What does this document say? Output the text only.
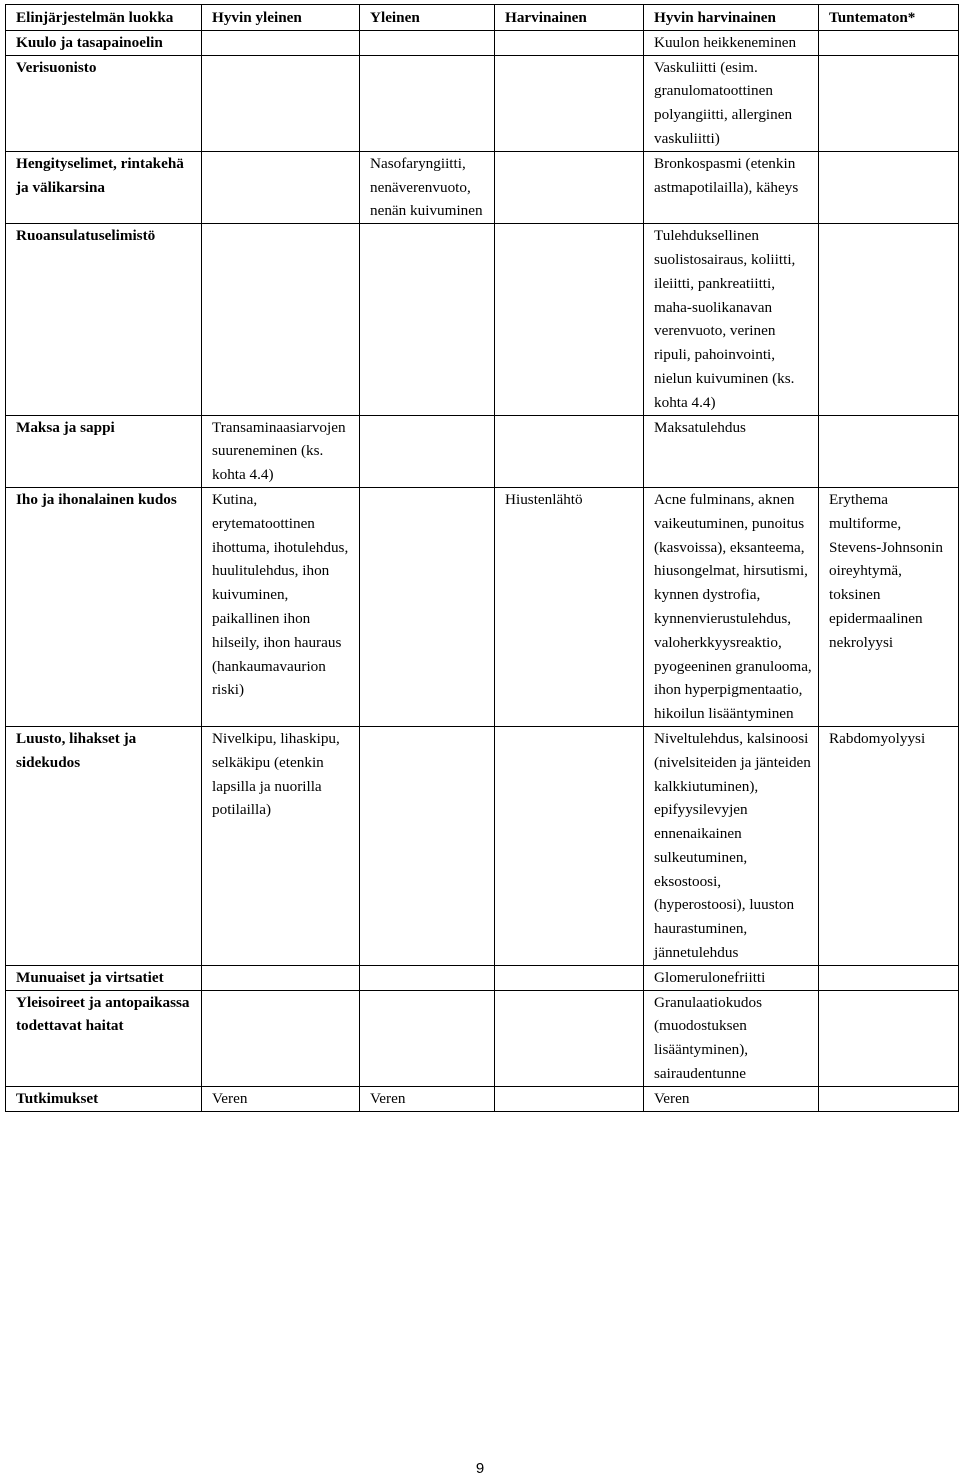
Elinjärjestelmän luokka	Hyvin yleinen	Yleinen	Harvinainen	Hyvin harvinainen	Tuntematon*
Kuulo ja tasapainoelin				Kuulon heikkeneminen	
Verisuonisto				Vaskuliitti (esim. granulomatoottinen polyangiitti, allerginen vaskuliitti)	
Hengityselimet, rintakehä ja välikarsina		Nasofaryngiitti, nenäverenvuoto, nenän kuivuminen		Bronkospasmi (etenkin astmapotilailla), käheys	
Ruoansulatuselimistö				Tulehduksellinen suolistosairaus, koliitti, ileiitti, pankreatiitti, maha-suolikanavan verenvuoto, verinen ripuli, pahoinvointi, nielun kuivuminen (ks. kohta 4.4)	
Maksa ja sappi	Transaminaasiarvojen suureneminen (ks. kohta 4.4)			Maksatulehdus	
Iho ja ihonalainen kudos	Kutina, erytematoottinen ihottuma, ihotulehdus, huulitulehdus, ihon kuivuminen, paikallinen ihon hilseily, ihon hauraus (hankaumavaurion riski)		Hiustenlähtö	Acne fulminans, aknen vaikeutuminen, punoitus (kasvoissa), eksanteema, hiusongelmat, hirsutismi, kynnen dystrofia, kynnenvierustulehdus, valoherkkyysreaktio, pyogeeninen granulooma, ihon hyperpigmentaatio, hikoilun lisääntyminen	Erythema multiforme, Stevens-Johnsonin oireyhtymä, toksinen epidermaalinen nekrolyysi
Luusto, lihakset ja sidekudos	Nivelkipu, lihaskipu, selkäkipu (etenkin lapsilla ja nuorilla potilailla)			Niveltulehdus, kalsinoosi (nivelsiteiden ja jänteiden kalkkiutuminen), epifyysilevyjen ennenaikainen sulkeutuminen, eksostoosi, (hyperostoosi), luuston haurastuminen, jännetulehdus	Rabdomyolyysi
Munuaiset ja virtsatiet				Glomerulonefriitti	
Yleisoireet ja antopaikassa todettavat haitat				Granulaatiokudos (muodostuksen lisääntyminen), sairaudentunne	
Tutkimukset	Veren	Veren		Veren	
9
